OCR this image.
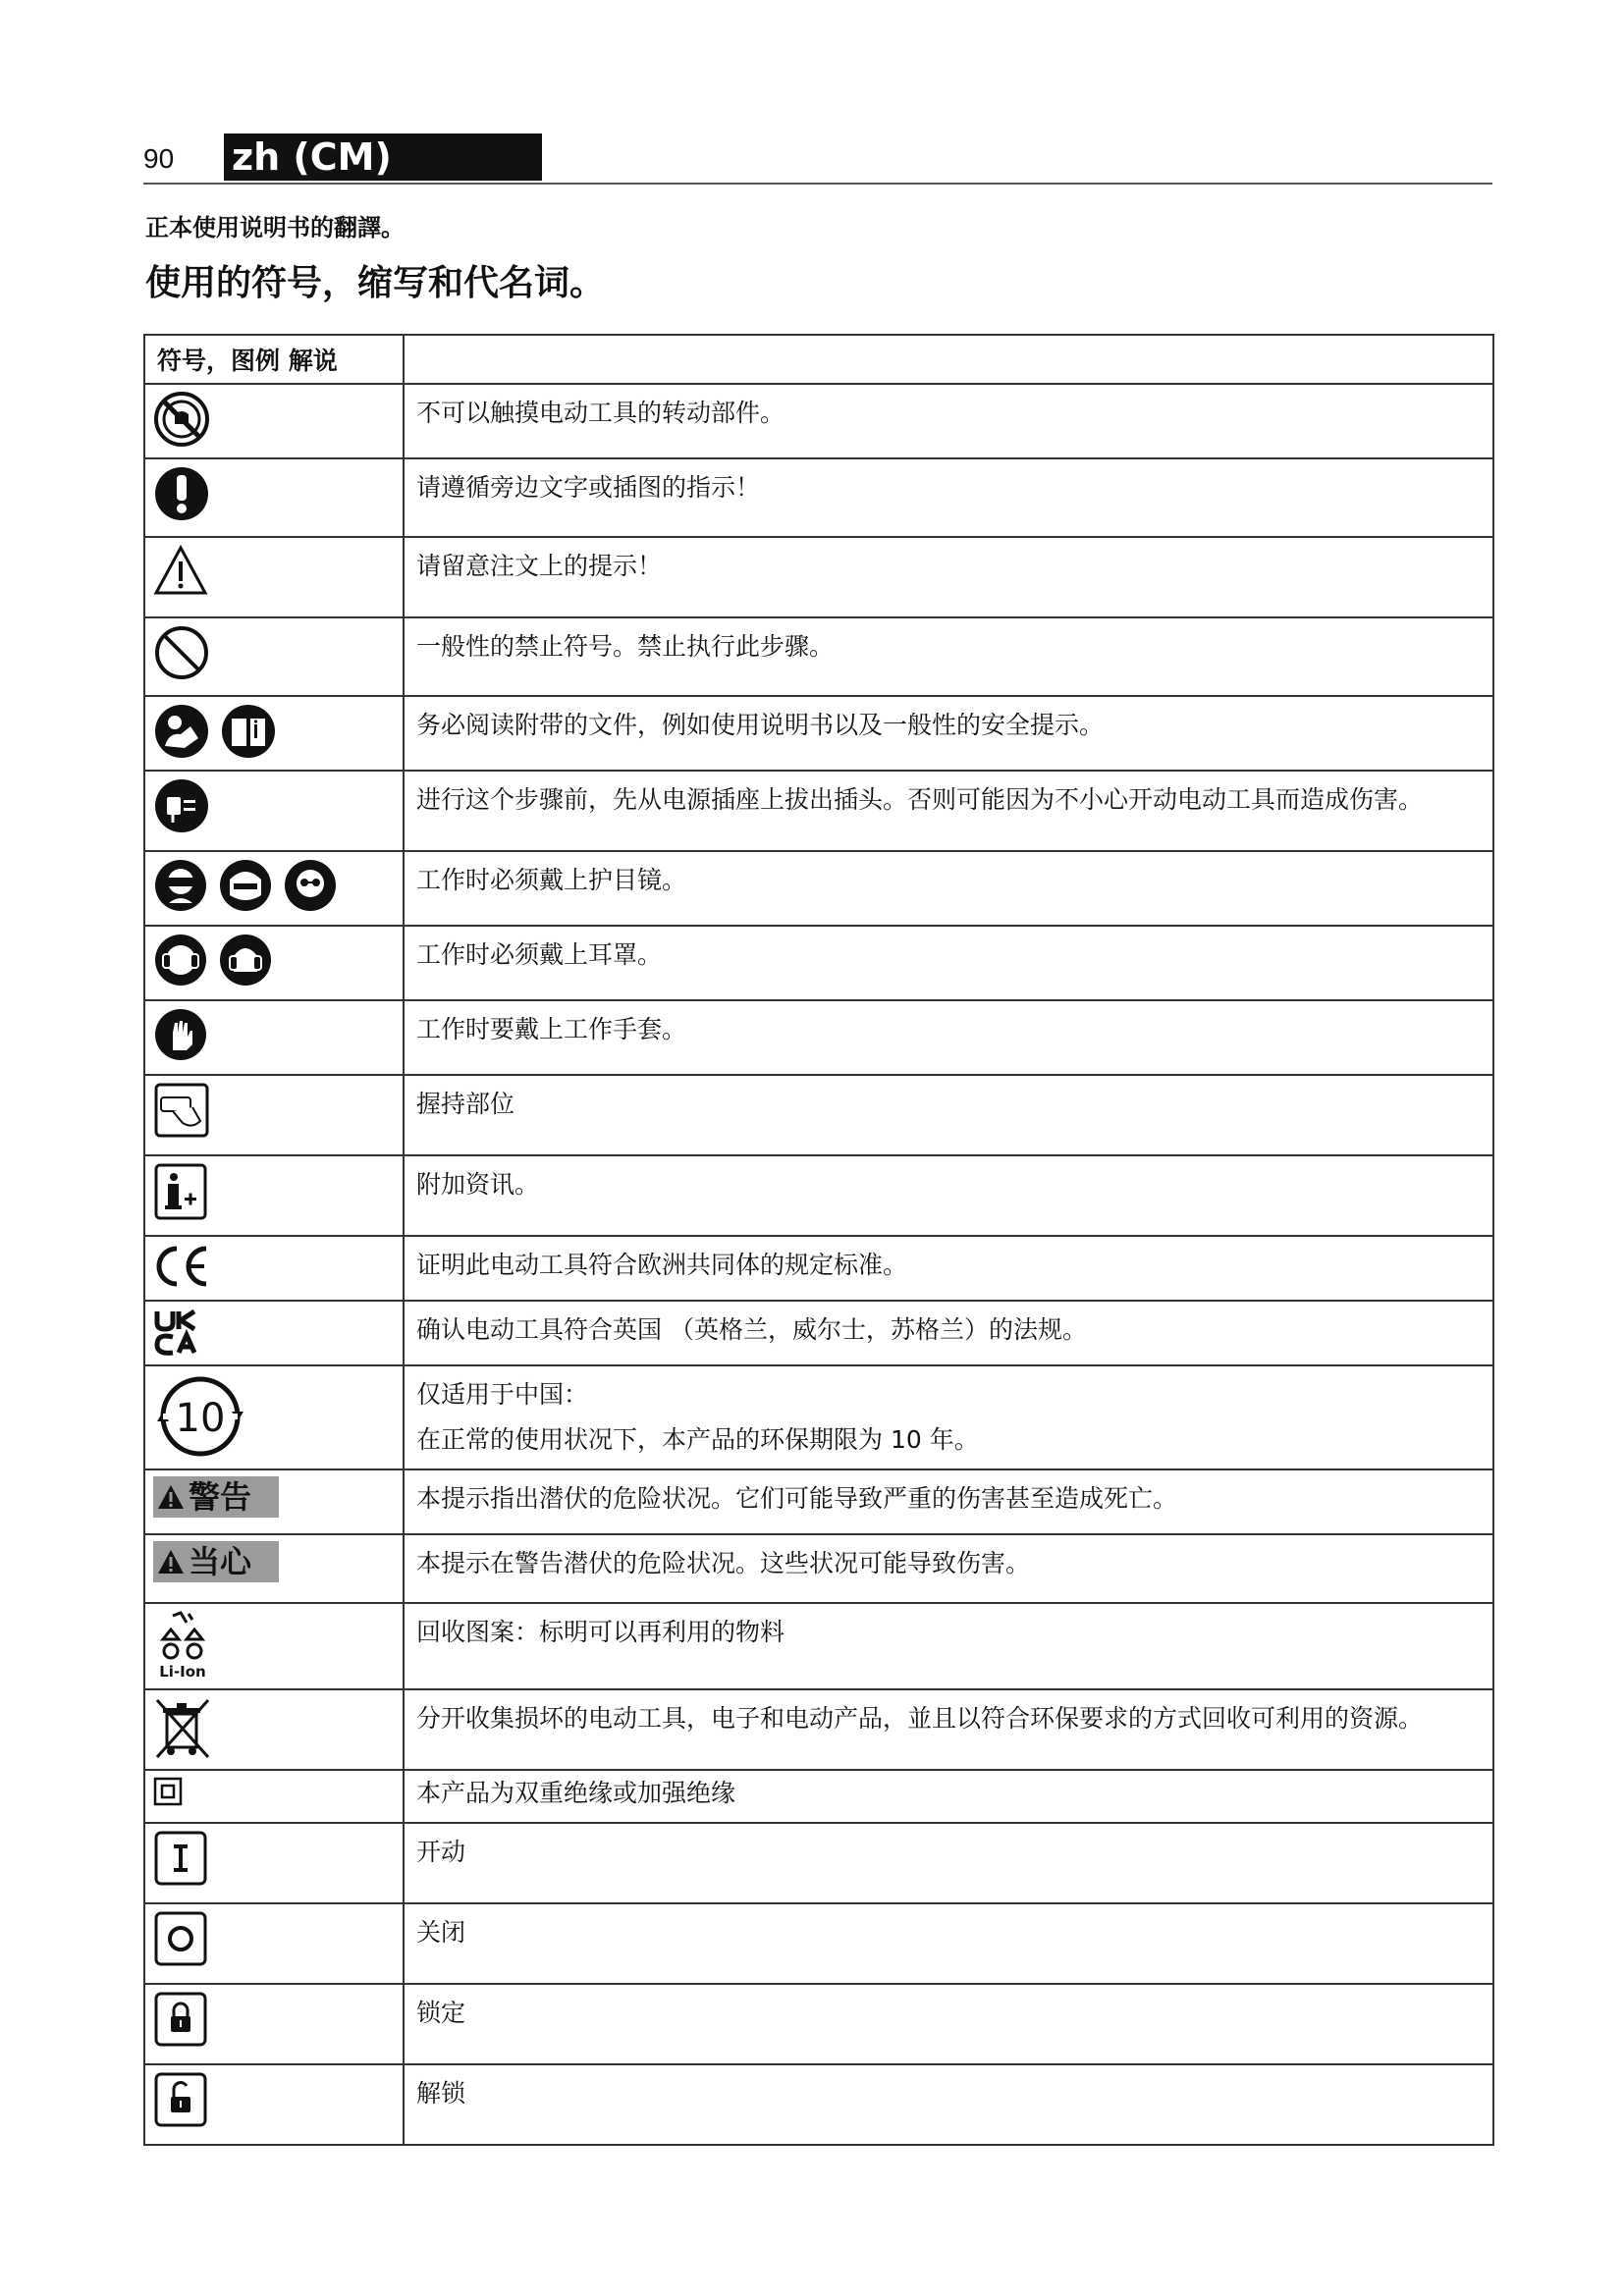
90 zh (CM)
正本使用说明书的翻譯。
使用的符号，缩写和代名词。
符号，图例 解说	

	不可以触摸电动工具的转动部件。

	请遵循旁边文字或插图的指示！

	请留意注文上的提示！

	一般性的禁止符号。禁止执行此步骤。

	务必阅读附带的文件，例如使用说明书以及一般性的安全提示。

	进行这个步骤前，先从电源插座上拔出插头。否则可能因为不小心开动电动工具而造成伤害。

	工作时必须戴上护目镜。

	工作时必须戴上耳罩。

	工作时要戴上工作手套。

	握持部位

	附加资讯。

	证明此电动工具符合欧洲共同体的规定标准。

	确认电动工具符合英国 （英格兰，威尔士，苏格兰）的法规。

10	仅适用于中国：

在正常的使用状况下，本产品的环保期限为 10 年。

警告	本提示指出潜伏的危险状况。它们可能导致严重的伤害甚至造成死亡。

当心	本提示在警告潜伏的危险状况。这些状况可能导致伤害。

Li-Ion	回收图案：标明可以再利用的物料

	分开收集损坏的电动工具，电子和电动产品，並且以符合环保要求的方式回收可利用的资源。

	本产品为双重绝缘或加强绝缘

	开动

	关闭

	锁定

	解锁
